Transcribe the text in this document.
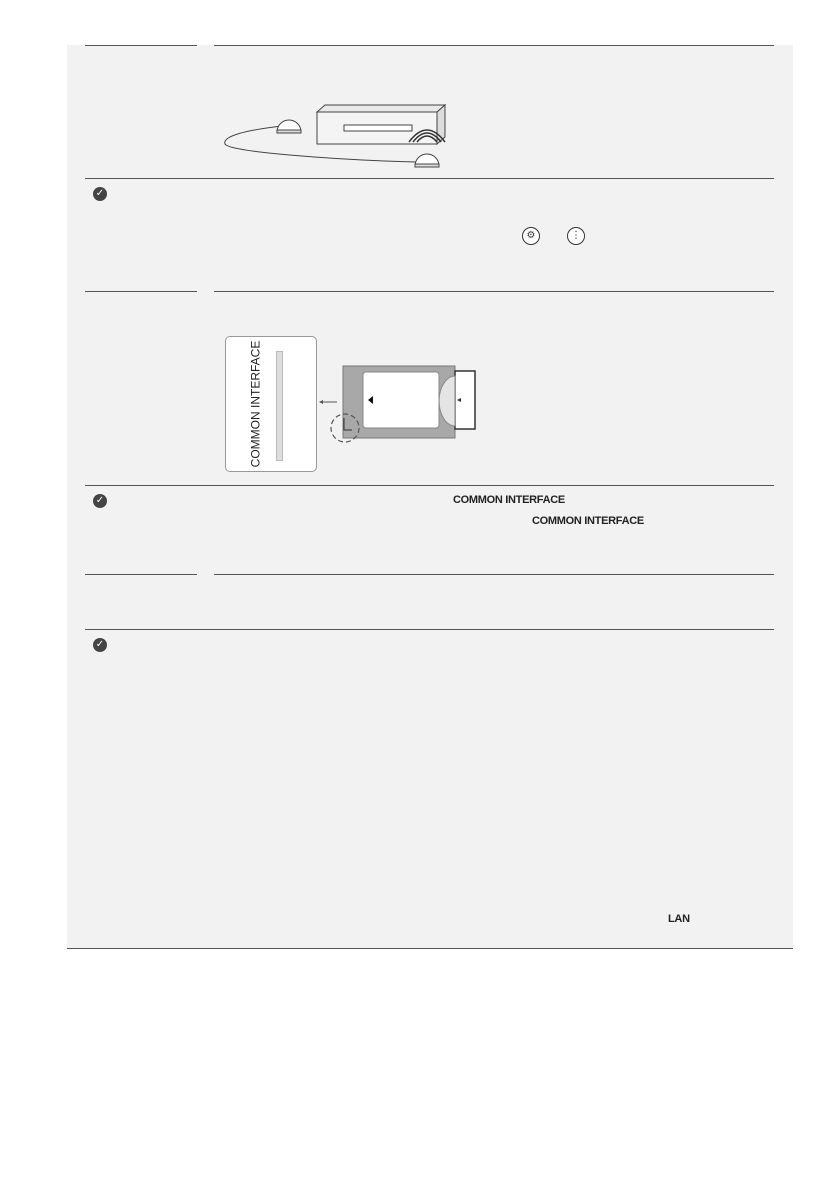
✓
⚙	⋮
COMMON INTERFACE
✓	COMMON INTERFACE
COMMON INTERFACE
✓
LAN
